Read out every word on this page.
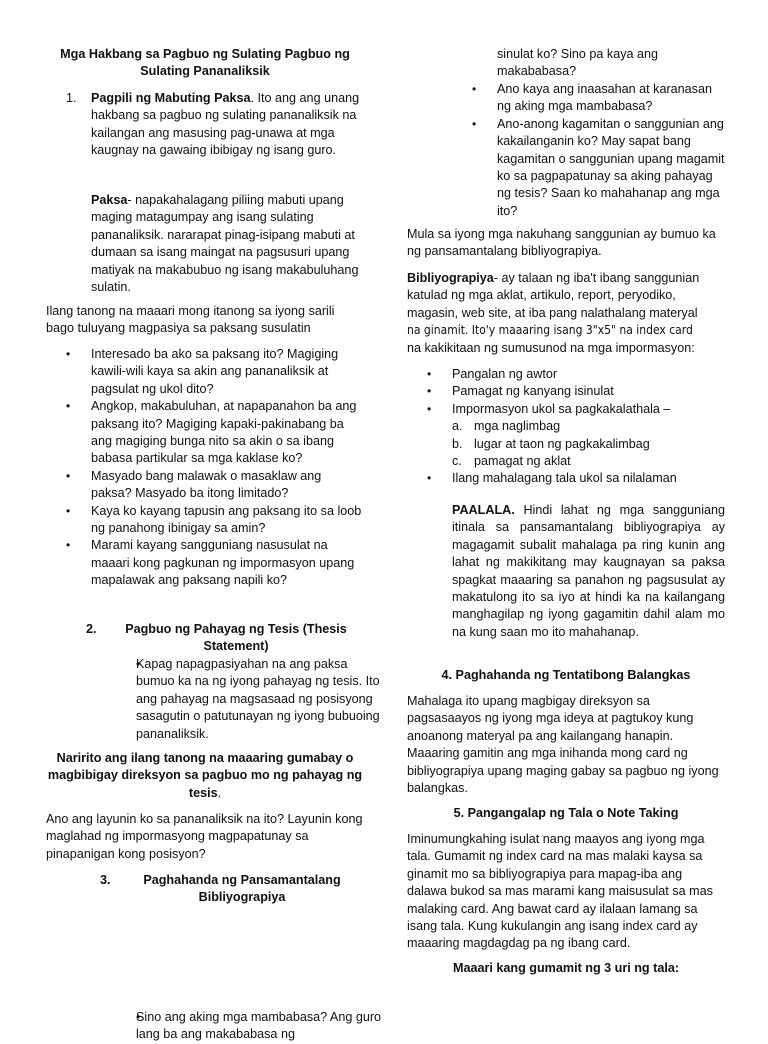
Mga Hakbang sa Pagbuo ng Sulating Pagbuo ng Sulating Pananaliksik

1.	Pagpili ng Mabuting Paksa. Ito ang ang unang hakbang sa pagbuo ng sulating pananaliksik na kailangan ang masusing pag-unawa at mga kaugnay na gawaing ibibigay ng isang guro.

Paksa- napakahalagang piliing mabuti upang maging matagumpay ang isang sulating pananaliksik. nararapat pinag-isipang mabuti at dumaan sa isang maingat na pagsusuri upang matiyak na makabubuo ng isang makabuluhang sulatin.

Ilang tanong na maaari mong itanong sa iyong sarili bago tuluyang magpasiya sa paksang susulatin

• Interesado ba ako sa paksang ito? Magiging kawili-wili kaya sa akin ang pananaliksik at pagsulat ng ukol dito?

• Angkop, makabuluhan, at napapanahon ba ang paksang ito? Magiging kapaki-pakinabang ba ang magiging bunga nito sa akin o sa ibang babasa partikular sa mga kaklase ko?

• Masyado bang malawak o masaklaw ang paksa? Masyado ba itong limitado?

• Kaya ko kayang tapusin ang paksang ito sa loob ng panahong ibinigay sa amin?

• Marami kayang sangguniang nasusulat na maaari kong pagkunan ng impormasyon upang mapalawak ang paksang napili ko?

2.	Pagbuo ng Pahayag ng Tesis (Thesis Statement)

• Kapag napagpasiyahan na ang paksa bumuo ka na ng iyong pahayag ng tesis. Ito ang pahayag na magsasaad ng posisyong sasagutin o patutunayan ng iyong bubuoing pananaliksik.

Naririto ang ilang tanong na maaaring gumabay o magbibigay direksyon sa pagbuo mo ng pahayag ng tesis.

Ano ang layunin ko sa pananaliksik na ito? Layunin kong maglahad ng impormasyong magpapatunay sa pinapanigan kong posisyon?

3.	Paghahanda ng Pansamantalang Bibliyograpiya

• Sino ang aking mga mambabasa? Ang guro lang ba ang makababasa ng

sinulat ko? Sino pa kaya ang makababasa?

• Ano kaya ang inaasahan at karanasan ng aking mga mambabasa?

• Ano-anong kagamitan o sanggunian ang kakailanganin ko? May sapat bang kagamitan o sanggunian upang magamit ko sa pagpapatunay sa aking pahayag ng tesis? Saan ko mahahanap ang mga ito?

Mula sa iyong mga nakuhang sanggunian ay bumuo ka ng pansamantalang bibliyograpiya.

Bibliyograpiya- ay talaan ng iba't ibang sanggunian katulad ng mga aklat, artikulo, report, peryodiko, magasin, web site, at iba pang nalathalang materyal
na ginamit. Ito'y maaaring isang 3"x5" na index card
na kakikitaan ng sumusunod na mga impormasyon:

• Pangalan ng awtor

• Pamagat ng kanyang isinulat

• Impormasyon ukol sa pagkakalathala –

a. mga naglimbag
b. lugar at taon ng pagkakalimbag
c. pamagat ng aklat

• Ilang mahalagang tala ukol sa nilalaman

PAALALA. Hindi lahat ng mga sangguniang itinala sa pansamantalang bibliyograpiya ay magagamit subalit mahalaga pa ring kunin ang lahat ng makikitang may kaugnayan sa paksa spagkat maaaring sa panahon ng pagsusulat ay makatulong ito sa iyo at hindi ka na kailangang manghagilap ng iyong gagamitin dahil alam mo na kung saan mo ito mahahanap.

4. Paghahanda ng Tentatibong Balangkas

Mahalaga ito upang magbigay direksyon sa pagsasaayos ng iyong mga ideya at pagtukoy kung anoanong materyal pa ang kailangang hanapin. Maaaring gamitin ang mga inihanda mong card ng bibliyograpiya upang maging gabay sa pagbuo ng iyong balangkas.

5. Pangangalap ng Tala o Note Taking

Iminumungkahing isulat nang maayos ang iyong mga tala. Gumamit ng index card na mas malaki kaysa sa ginamit mo sa bibliyograpiya para mapag-iba ang dalawa bukod sa mas marami kang maisusulat sa mas malaking card. Ang bawat card ay ilalaan lamang sa isang tala. Kung kukulangin ang isang index card ay maaaring magdagdag pa ng ibang card.

Maaari kang gumamit ng 3 uri ng tala:
